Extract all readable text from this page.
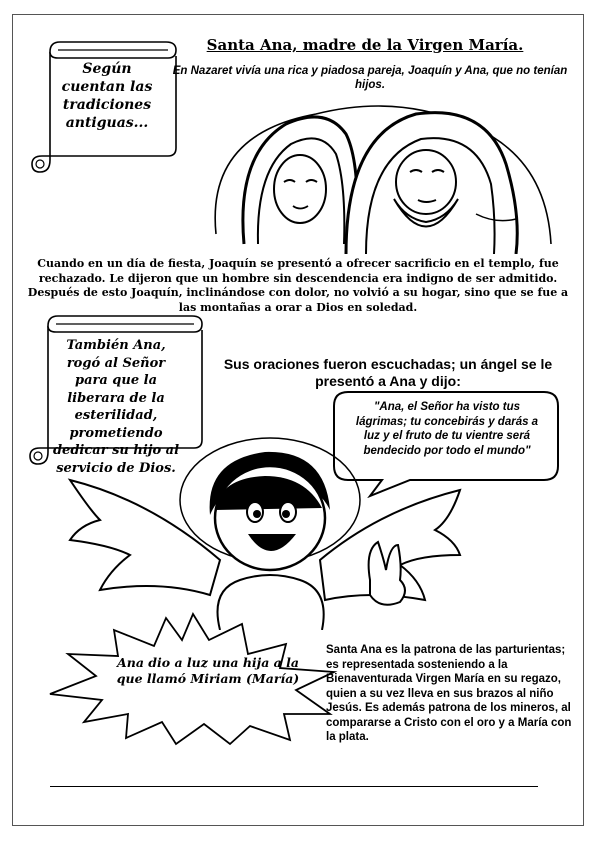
Según cuentan las tradiciones antiguas...
Santa Ana, madre de la Virgen María.
En Nazaret vivía una rica y piadosa pareja, Joaquín y Ana, que no tenían hijos.
Cuando en un día de fiesta, Joaquín se presentó a ofrecer sacrificio en el templo, fue rechazado. Le dijeron que un hombre sin descendencia era indigno de ser admitido. Después de esto Joaquín, inclinándose con dolor, no volvió a su hogar, sino que se fue a las montañas a orar a Dios en soledad.
También Ana, rogó al Señor para que la liberara de la esterilidad, prometiendo dedicar su hijo al servicio de Dios.
Sus oraciones fueron escuchadas; un ángel se le presentó a Ana y dijo:
"Ana, el Señor ha visto tus lágrimas; tu concebirás y darás a luz y el fruto de tu vientre será bendecido por todo el mundo"
Ana dio a luz una hija a la que llamó Miriam (María)
Santa Ana es la patrona de las parturientas; es representada sosteniendo a la Bienaventurada Virgen María en su regazo, quien a su vez lleva en sus brazos al niño Jesús. Es además patrona de los mineros, al compararse a Cristo con el oro y a María con la plata.
